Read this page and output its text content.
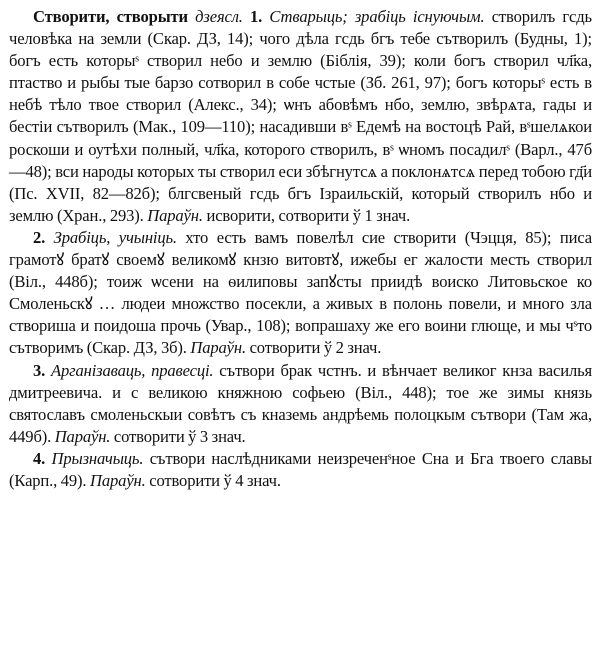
Створити, створыти дзеясл. 1. Стварыць; зрабіць існуючым. створилъ гсдь человѣка на земли (Скар. ДЗ, 14); чого дѣла гсдь бгъ тебе сътворилъ (Будны, 1); богъ есть которыˢ створил небо и землю (Біблія, 39); коли богъ створил чл҃ка, птаство и рыбы тые барзо сотворил в собе чстые (Зб. 261, 97); богъ которыˢ есть в небѣ тѣло твое створил (Алекс., 34); ѡнъ абовѣмъ нбо, землю, звѣрѧта, гады и бестіи сътворилъ (Мак., 109—110); насадивши вˢ Едемѣ на востоцѣ Рай, вˢшелѧкои роскоши и оутѣхи полный, чл҃ка, которого створилъ, вˢ ѡномъ посадилˢ (Варл., 47б—48); вси народы которых ты створил еси збѣгнутсѧ а поклонѧтсѧ перед тобою гд҃и (Пс. XVII, 82—82б); блгсвеный гсдь бгъ Ізраильскій, который створилъ нбо и землю (Хран., 293). Параўн. исворити, сотворити ў 1 знач.

2. Зрабіць, учыніць. хто есть вамъ повелѣл сие створити (Чэцця, 85); писа грамотꙋ братꙋ своемꙋ великомꙋ кнзю витовтꙋ, ижебы ег жалости месть створил (Віл., 448б); тоиж ѡсени на ѳилиповы запꙋсты приидѣ воиско Литовьское ко Смоленьскꙋ … людеи множство посекли, а живых в полонь повели, и много зла створиша и поидоша прочь (Увар., 108); вопрашаху же его воини глюще, и мы чˢто сътворимъ (Скар. ДЗ, 3б). Параўн. сотворити ў 2 знач.

3. Арганізаваць, правесці. сътвори брак чстнъ. и вѣнчает великог кнза василья дмитреевича. и с великою княжною софьею (Віл., 448); тое же зимы князь святославъ смоленьскыи совѣтъ съ кназемь андрѣемь полоцкым сътвори (Там жа, 449б). Параўн. сотворити ў 3 знач.

4. Прызначыць. сътвори наслѣдниками неизреченˢное Сна и Бга твоего славы (Карп., 49). Параўн. сотворити ў 4 знач.
